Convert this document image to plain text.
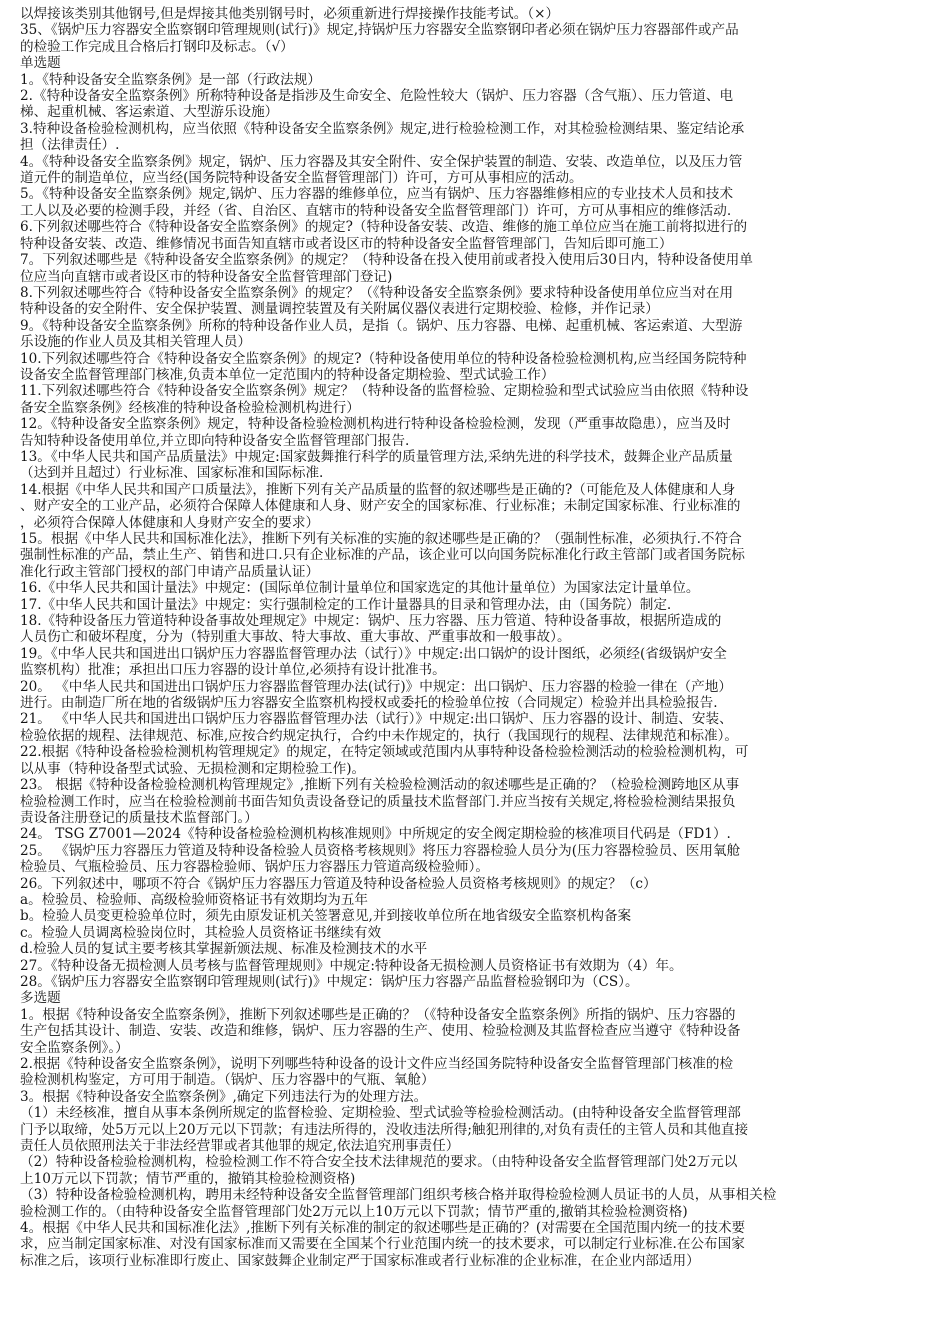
以焊接该类别其他钢号,但是焊接其他类别钢号时，必须重新进行焊接操作技能考试。（×）
35、《锅炉压力容器安全监察钢印管理规则(试行)》规定,持锅炉压力容器安全监察钢印者必须在锅炉压力容器部件或产品
的检验工作完成且合格后打钢印及标志。（√）
单选题
1。《特种设备安全监察条例》是一部（行政法规）
2.《特种设备安全监察条例》所称特种设备是指涉及生命安全、危险性较大（锅炉、压力容器（含气瓶）、压力管道、电
梯、起重机械、客运索道、大型游乐设施）
3.特种设备检验检测机构，应当依照《特种设备安全监察条例》规定,进行检验检测工作，对其检验检测结果、鉴定结论承
担（法律责任）.
4。《特种设备安全监察条例》规定，锅炉、压力容器及其安全附件、安全保护装置的制造、安装、改造单位，以及压力管
道元件的制造单位，应当经(国务院特种设备安全监督管理部门）许可，方可从事相应的活动。
5。《特种设备安全监察条例》规定,锅炉、压力容器的维修单位，应当有锅炉、压力容器维修相应的专业技术人员和技术
工人以及必要的检测手段，并经（省、自治区、直辖市的特种设备安全监督管理部门）许可，方可从事相应的维修活动.
6.下列叙述哪些符合《特种设备安全监察条例》的规定?（特种设备安装、改造、维修的施工单位应当在施工前将拟进行的
特种设备安装、改造、维修情况书面告知直辖市或者设区市的特种设备安全监督管理部门，告知后即可施工）
7。下列叙述哪些是《特种设备安全监察条例》的规定？（特种设备在投入使用前或者投入使用后30日内，特种设备使用单
位应当向直辖市或者设区市的特种设备安全监督管理部门登记)
8.下列叙述哪些符合《特种设备安全监察条例》的规定？（《特种设备安全监察条例》要求特种设备使用单位应当对在用
特种设备的安全附件、安全保护装置、测量调控装置及有关附属仪器仪表进行定期校验、检修，并作记录）
9。《特种设备安全监察条例》所称的特种设备作业人员，是指（。锅炉、压力容器、电梯、起重机械、客运索道、大型游
乐设施的作业人员及其相关管理人员）
10.下列叙述哪些符合《特种设备安全监察条例》的规定?（特种设备使用单位的特种设备检验检测机构,应当经国务院特种
设备安全监督管理部门核准,负责本单位一定范围内的特种设备定期检验、型式试验工作）
11.下列叙述哪些符合《特种设备安全监察条例》规定？（特种设备的监督检验、定期检验和型式试验应当由依照《特种设
备安全监察条例》经核准的特种设备检验检测机构进行）
12。《特种设备安全监察条例》规定，特种设备检验检测机构进行特种设备检验检测，发现（严重事故隐患），应当及时
告知特种设备使用单位,并立即向特种设备安全监督管理部门报告.
13。《中华人民共和国产品质量法》中规定:国家鼓舞推行科学的质量管理方法,采纳先进的科学技术，鼓舞企业产品质量
（达到并且超过）行业标准、国家标准和国际标准.
14.根据《中华人民共和国产口质量法》，推断下列有关产品质量的监督的叙述哪些是正确的?（可能危及人体健康和人身
、财产安全的工业产品，必须符合保障人体健康和人身、财产安全的国家标准、行业标准；未制定国家标准、行业标准的
，必须符合保障人体健康和人身财产安全的要求）
15。根据《中华人民共和国标准化法》，推断下列有关标准的实施的叙述哪些是正确的？（强制性标准，必须执行.不符合
强制性标准的产品，禁止生产、销售和进口.只有企业标准的产品，该企业可以向国务院标准化行政主管部门或者国务院标
准化行政主管部门授权的部门申请产品质量认证）
16.《中华人民共和国计量法》中规定：(国际单位制计量单位和国家选定的其他计量单位）为国家法定计量单位。
17.《中华人民共和国计量法》中规定：实行强制检定的工作计量器具的目录和管理办法，由（国务院）制定.
18.《特种设备压力管道特种设备事故处理规定》中规定：锅炉、压力容器、压力管道、特种设备事故，根据所造成的
人员伤亡和破坏程度，分为（特别重大事故、特大事故、重大事故、严重事故和一般事故）。
19。《中华人民共和国进出口锅炉压力容器监督管理办法（试行）》中规定:出口锅炉的设计图纸，必须经(省级锅炉安全
监察机构）批准；承担出口压力容器的设计单位,必须持有设计批准书。
20。 《中华人民共和国进出口锅炉压力容器监督管理办法(试行)》中规定：出口锅炉、压力容器的检验一律在（产地）
进行。由制造厂所在地的省级锅炉压力容器安全监察机构授权或委托的检验单位按（合同规定）检验并出具检验报告.
21。 《中华人民共和国进出口锅炉压力容器监督管理办法（试行）》中规定:出口锅炉、压力容器的设计、制造、安装、
检验依据的规程、法律规范、标准,应按合约规定执行，合约中未作规定的，执行（我国现行的规程、法律规范和标准）。
22.根据《特种设备检验检测机构管理规定》的规定，在特定领域或范围内从事特种设备检验检测活动的检验检测机构，可
以从事（特种设备型式试验、无损检测和定期检验工作)。
23。 根据《特种设备检验检测机构管理规定》,推断下列有关检验检测活动的叙述哪些是正确的？（检验检测跨地区从事
检验检测工作时，应当在检验检测前书面告知负责设备登记的质量技术监督部门.并应当按有关规定,将检验检测结果报负
责设备注册登记的质量技术监督部门。）
24。 TSG Z7001—2024《特种设备检验检测机构核准规则》中所规定的安全阀定期检验的核准项目代码是（FD1）.
25。 《锅炉压力容器压力管道及特种设备检验人员资格考核规则》将压力容器检验人员分为(压力容器检验员、医用氧舱
检验员、气瓶检验员、压力容器检验师、锅炉压力容器压力管道高级检验师）。
26。下列叙述中，哪项不符合《锅炉压力容器压力管道及特种设备检验人员资格考核规则》的规定？（c）
a。检验员、检验师、高级检验师资格证书有效期均为五年
b。检验人员变更检验单位时，须先由原发证机关签署意见,并到接收单位所在地省级安全监察机构备案
c。检验人员调离检验岗位时，其检验人员资格证书继续有效
d.检验人员的复试主要考核其掌握新颁法规、标准及检测技术的水平
27。《特种设备无损检测人员考核与监督管理规则》中规定:特种设备无损检测人员资格证书有效期为（4）年。
28。《锅炉压力容器安全监察钢印管理规则(试行)》中规定：锅炉压力容器产品监督检验钢印为（CS）。
多选题
1。根据《特种设备安全监察条例》，推断下列叙述哪些是正确的？（《特种设备安全监察条例》所指的锅炉、压力容器的
生产包括其设计、制造、安装、改造和维修，锅炉、压力容器的生产、使用、检验检测及其监督检查应当遵守《特种设备
安全监察条例》。）
2.根据《特种设备安全监察条例》，说明下列哪些特种设备的设计文件应当经国务院特种设备安全监督管理部门核准的检
验检测机构鉴定，方可用于制造。（锅炉、压力容器中的气瓶、氧舱）
3。根据《特种设备安全监察条例》,确定下列违法行为的处理方法。
（1）未经核准，擅自从事本条例所规定的监督检验、定期检验、型式试验等检验检测活动。(由特种设备安全监督管理部
门予以取缔，处5万元以上20万元以下罚款；有违法所得的，没收违法所得;触犯刑律的,对负有责任的主管人员和其他直接
责任人员依照刑法关于非法经营罪或者其他罪的规定,依法追究刑事责任）
（2）特种设备检验检测机构，检验检测工作不符合安全技术法律规范的要求。（由特种设备安全监督管理部门处2万元以
上10万元以下罚款；情节严重的，撤销其检验检测资格)
（3）特种设备检验检测机构，聘用未经特种设备安全监督管理部门组织考核合格并取得检验检测人员证书的人员，从事相关检
验检测工作的。（由特种设备安全监督管理部门处2万元以上10万元以下罚款；情节严重的,撤销其检验检测资格)
4。根据《中华人民共和国标准化法》,推断下列有关标准的制定的叙述哪些是正确的？(对需要在全国范围内统一的技术要
求，应当制定国家标准、对没有国家标准而又需要在全国某个行业范围内统一的技术要求，可以制定行业标准.在公布国家
标准之后，该项行业标准即行废止、国家鼓舞企业制定严于国家标准或者行业标准的企业标准，在企业内部适用）
